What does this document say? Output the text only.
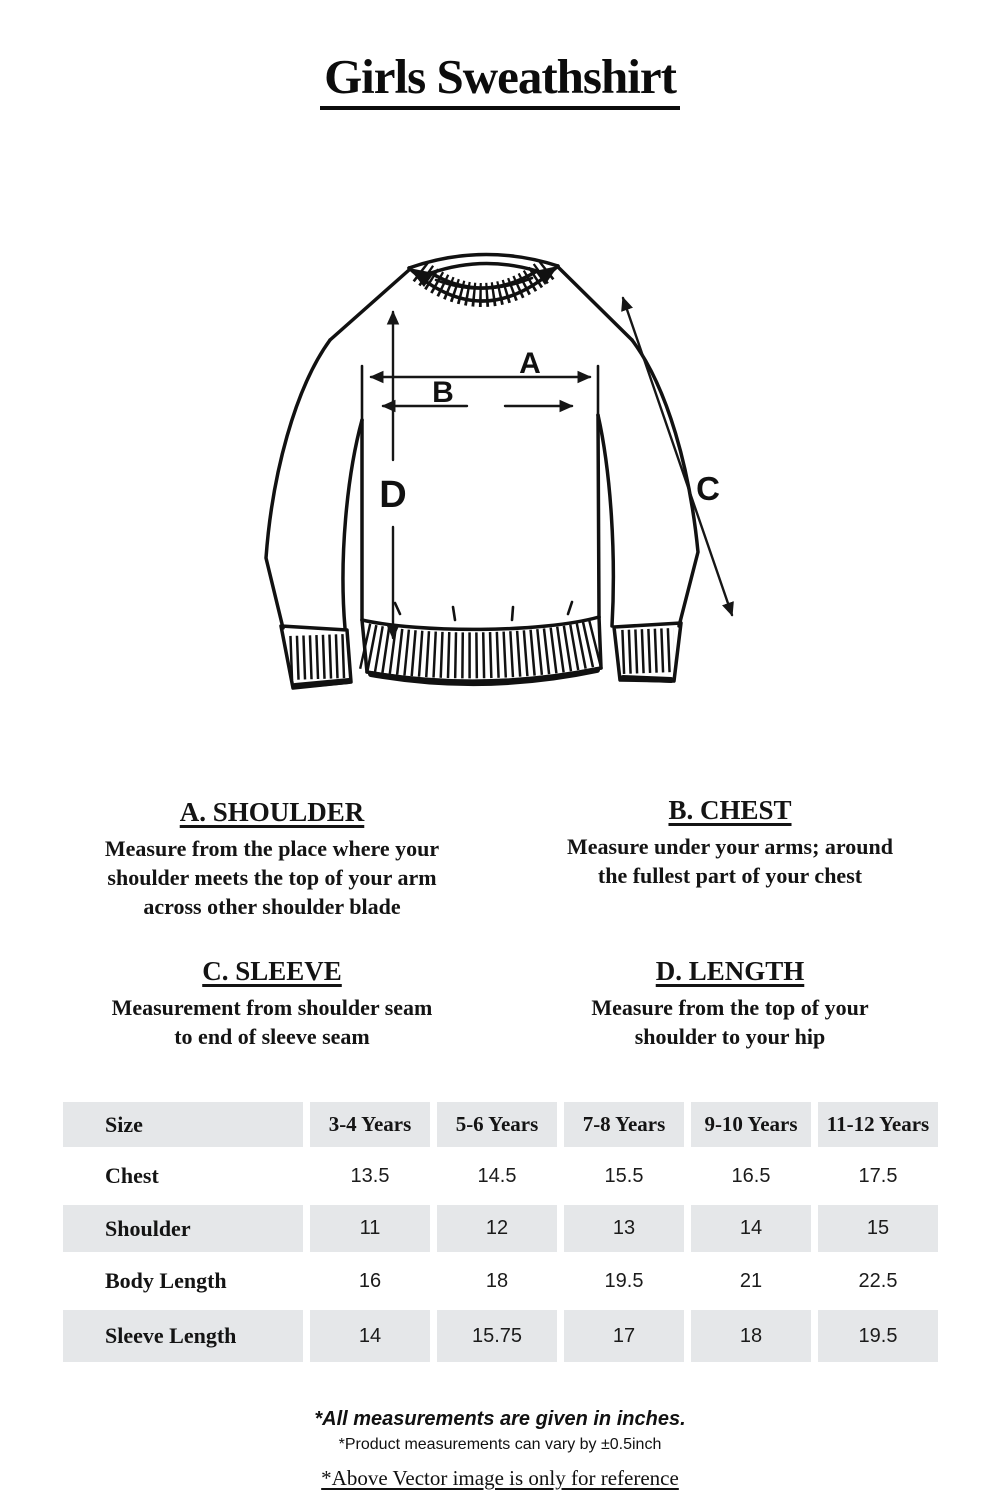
Girls Sweathshirt
A
B
C
D
A. SHOULDER
Measure from the place where your
shoulder meets the top of your arm
across other shoulder blade
B. CHEST
Measure under your arms; around
the fullest part of your chest
C. SLEEVE
Measurement from shoulder seam
to end of sleeve seam
D. LENGTH
Measure from the top of your
shoulder to your hip
Size	3-4 Years	5-6 Years	7-8 Years	9-10 Years	11-12 Years
Chest	13.5	14.5	15.5	16.5	17.5
Shoulder	11	12	13	14	15
Body Length	16	18	19.5	21	22.5
Sleeve Length	14	15.75	17	18	19.5
*All measurements are given in inches.
*Product measurements can vary by ±0.5inch
*Above Vector image is only for reference
